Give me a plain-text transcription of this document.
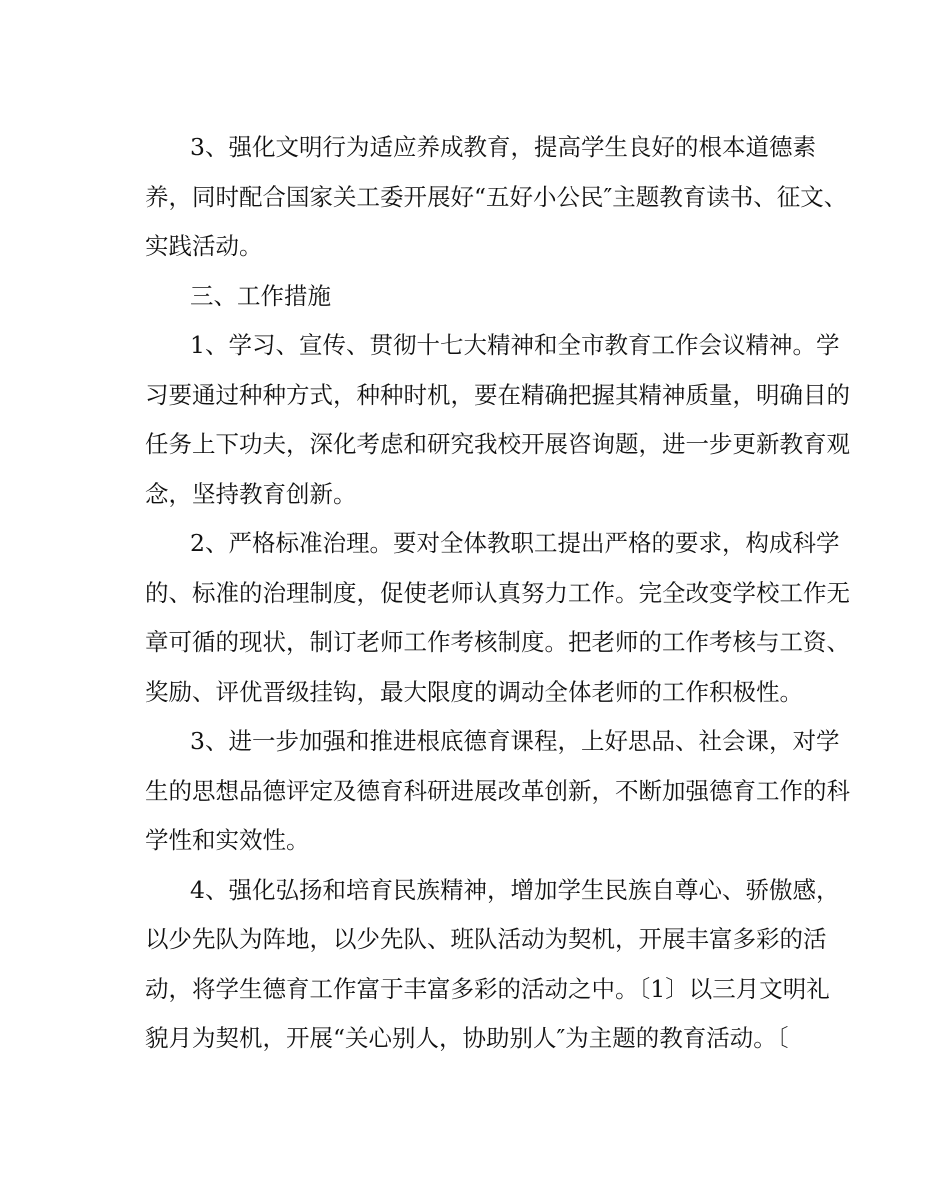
3、强化文明行为适应养成教育，提高学生良好的根本道德素
养，同时配合国家关工委开展好“五好小公民″主题教育读书、征文、
实践活动。
三、工作措施
1、学习、宣传、贯彻十七大精神和全市教育工作会议精神。学
习要通过种种方式，种种时机，要在精确把握其精神质量，明确目的
任务上下功夫，深化考虑和研究我校开展咨询题，进一步更新教育观
念，坚持教育创新。
2、严格标准治理。要对全体教职工提出严格的要求，构成科学
的、标准的治理制度，促使老师认真努力工作。完全改变学校工作无
章可循的现状，制订老师工作考核制度。把老师的工作考核与工资、
奖励、评优晋级挂钩，最大限度的调动全体老师的工作积极性。
3、进一步加强和推进根底德育课程，上好思品、社会课，对学
生的思想品德评定及德育科研进展改革创新，不断加强德育工作的科
学性和实效性。
4、强化弘扬和培育民族精神，增加学生民族自尊心、骄傲感，
以少先队为阵地，以少先队、班队活动为契机，开展丰富多彩的活
动，将学生德育工作富于丰富多彩的活动之中。〔1〕以三月文明礼
貌月为契机，开展“关心别人，协助别人″为主题的教育活动。〔
